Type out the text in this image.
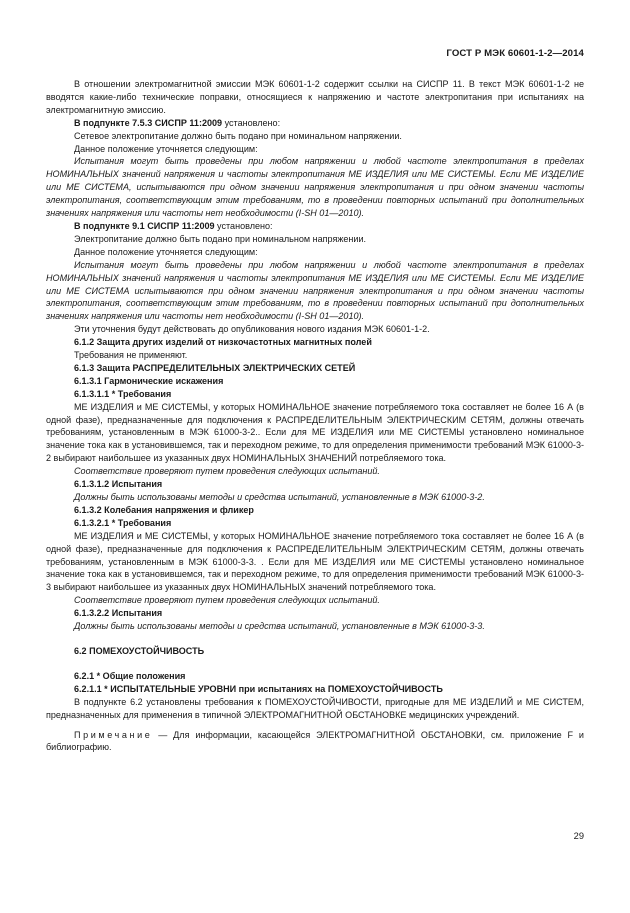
ГОСТ Р МЭК 60601-1-2—2014

В отношении электромагнитной эмиссии МЭК 60601-1-2 содержит ссылки на СИСПР 11. В текст МЭК 60601-1-2 не вводятся какие-либо технические поправки, относящиеся к напряжению и частоте электропитания при испытаниях на электромагнитную эмиссию.

В подпункте 7.5.3 СИСПР 11:2009 установлено:

Сетевое электропитание должно быть подано при номинальном напряжении.

Данное положение уточняется следующим:

Испытания могут быть проведены при любом напряжении и любой частоте электропитания в пределах НОМИНАЛЬНЫХ значений напряжения и частоты электропитания МЕ ИЗДЕЛИЯ или МЕ СИСТЕМЫ. Если МЕ ИЗДЕЛИЕ или МЕ СИСТЕМА, испытываются при одном значении напряжения электропитания и при одном значении частоты электропитания, соответствующим этим требованиям, то в проведении повторных испытаний при дополнительных значениях напряжения или частоты нет необходимости (I-SH 01—2010).

В подпункте 9.1 СИСПР 11:2009 установлено:

Электропитание должно быть подано при номинальном напряжении.

Данное положение уточняется следующим:

Испытания могут быть проведены при любом напряжении и любой частоте электропитания в пределах НОМИНАЛЬНЫХ значений напряжения и частоты электропитания МЕ ИЗДЕЛИЯ или МЕ СИСТЕМЫ. Если МЕ ИЗДЕЛИЕ или МЕ СИСТЕМА испытываются при одном значении напряжения электропитания и при одном значении частоты электропитания, соответствующим этим требованиям, то в проведении повторных испытаний при дополнительных значениях напряжения или частоты нет необходимости (I-SH 01—2010).

Эти уточнения будут действовать до опубликования нового издания МЭК 60601-1-2.

6.1.2 Защита других изделий от низкочастотных магнитных полей

Требования не применяют.

6.1.3 Защита РАСПРЕДЕЛИТЕЛЬНЫХ ЭЛЕКТРИЧЕСКИХ СЕТЕЙ

6.1.3.1 Гармонические искажения

6.1.3.1.1 * Требования

МЕ ИЗДЕЛИЯ и МЕ СИСТЕМЫ, у которых НОМИНАЛЬНОЕ значение потребляемого тока составляет не более 16 А (в одной фазе), предназначенные для подключения к РАСПРЕДЕЛИТЕЛЬНЫМ ЭЛЕКТРИЧЕСКИМ СЕТЯМ, должны отвечать требованиям, установленным в МЭК 61000-3-2.. Если для МЕ ИЗДЕЛИЯ или МЕ СИСТЕМЫ установлено номинальное значение тока как в установившемся, так и переходном режиме, то для определения применимости требований МЭК 61000-3-2 выбирают наибольшее из указанных двух НОМИНАЛЬНЫХ ЗНАЧЕНИЙ потребляемого тока.

Соответствие проверяют путем проведения следующих испытаний.

6.1.3.1.2 Испытания

Должны быть использованы методы и средства испытаний, установленные в МЭК 61000-3-2.

6.1.3.2 Колебания напряжения и фликер

6.1.3.2.1 * Требования

МЕ ИЗДЕЛИЯ и МЕ СИСТЕМЫ, у которых НОМИНАЛЬНОЕ значение потребляемого тока составляет не более 16 А (в одной фазе), предназначенные для подключения к РАСПРЕДЕЛИТЕЛЬНЫМ ЭЛЕКТРИЧЕСКИМ СЕТЯМ, должны отвечать требованиям, установленным в МЭК 61000-3-3. . Если для МЕ ИЗДЕЛИЯ или МЕ СИСТЕМЫ установлено номинальное значение тока как в установившемся, так и переходном режиме, то для определения применимости требований МЭК 61000-3-3 выбирают наибольшее из указанных двух НОМИНАЛЬНЫХ значений потребляемого тока.

Соответствие проверяют путем проведения следующих испытаний.

6.1.3.2.2 Испытания

Должны быть использованы методы и средства испытаний, установленные в МЭК 61000-3-3.

6.2 ПОМЕХОУСТОЙЧИВОСТЬ

6.2.1 * Общие положения

6.2.1.1 * ИСПЫТАТЕЛЬНЫЕ УРОВНИ при испытаниях на ПОМЕХОУСТОЙЧИВОСТЬ

В подпункте 6.2 установлены требования к ПОМЕХОУСТОЙЧИВОСТИ, пригодные для МЕ ИЗДЕЛИЙ и МЕ СИСТЕМ, предназначенных для применения в типичной ЭЛЕКТРОМАГНИТНОЙ ОБСТАНОВКЕ медицинских учреждений.

Примечание — Для информации, касающейся ЭЛЕКТРОМАГНИТНОЙ ОБСТАНОВКИ, см. приложение F и библиографию.

29
